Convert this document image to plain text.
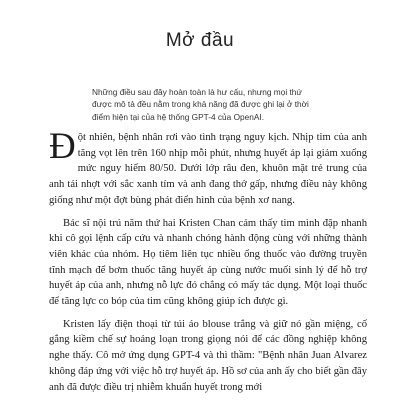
Mở đầu
Những điều sau đây hoàn toàn là hư cấu, nhưng mọi thứ được mô tả đều nằm trong khả năng đã được ghi lại ở thời điểm hiện tại của hệ thống GPT-4 của OpenAI.

Đột nhiên, bệnh nhân rơi vào tình trạng nguy kịch. Nhịp tim của anh tăng vọt lên trên 160 nhịp mỗi phút, nhưng huyết áp lại giảm xuống mức nguy hiểm 80/50. Dưới lớp râu đen, khuôn mặt trẻ trung của anh tái nhợt với sắc xanh tím và anh đang thở gấp, nhưng điều này không giống như một đợt bùng phát điển hình của bệnh xơ nang.

Bác sĩ nội trú năm thứ hai Kristen Chan cảm thấy tim mình đập nhanh khi cô gọi lệnh cấp cứu và nhanh chóng hành động cùng với những thành viên khác của nhóm. Họ tiêm liên tục nhiều ống thuốc vào đường truyền tĩnh mạch để bơm thuốc tăng huyết áp cùng nước muối sinh lý để hỗ trợ huyết áp của anh, nhưng nỗ lực đó chẳng có mấy tác dụng. Một loại thuốc để tăng lực co bóp của tim cũng không giúp ích được gì.

Kristen lấy điện thoại từ túi áo blouse trắng và giữ nó gần miệng, cố gắng kiềm chế sự hoảng loạn trong giọng nói để các đồng nghiệp không nghe thấy. Cô mở ứng dụng GPT-4 và thì thầm: "Bệnh nhân Juan Alvarez không đáp ứng với việc hỗ trợ huyết áp. Hồ sơ của anh ấy cho biết gần đây anh đã được điều trị nhiễm khuẩn huyết trong mới
